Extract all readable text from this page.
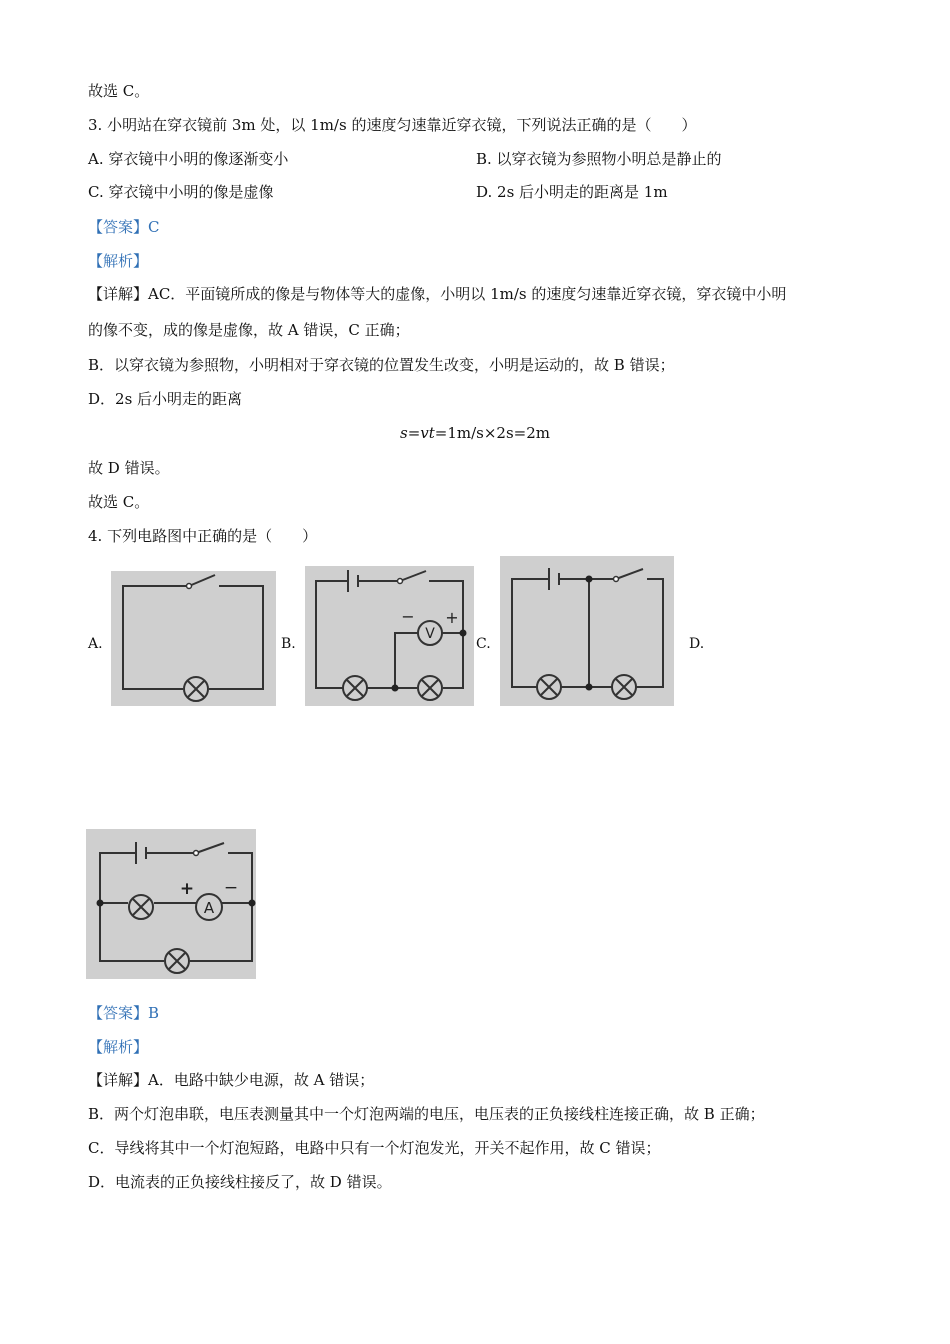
故选 C。
3. 小明站在穿衣镜前 3m 处，以 1m/s 的速度匀速靠近穿衣镜，下列说法正确的是（　　）
A. 穿衣镜中小明的像逐渐变小	B. 以穿衣镜为参照物小明总是静止的
C. 穿衣镜中小明的像是虚像	D. 2s 后小明走的距离是 1m
【答案】C
【解析】
【详解】AC．平面镜所成的像是与物体等大的虚像，小明以 1m/s 的速度匀速靠近穿衣镜，穿衣镜中小明
的像不变，成的像是虚像，故 A 错误，C 正确；
B．以穿衣镜为参照物，小明相对于穿衣镜的位置发生改变，小明是运动的，故 B 错误；
D．2s 后小明走的距离
s=vt=1m/s×2s=2m
故 D 错误。
故选 C。
4. 下列电路图中正确的是（　　）
A.	B.	C.	D.
V
− +
A
+ −
【答案】B
【解析】
【详解】A．电路中缺少电源，故 A 错误；
B．两个灯泡串联，电压表测量其中一个灯泡两端的电压，电压表的正负接线柱连接正确，故 B 正确；
C．导线将其中一个灯泡短路，电路中只有一个灯泡发光，开关不起作用，故 C 错误；
D．电流表的正负接线柱接反了，故 D 错误。
